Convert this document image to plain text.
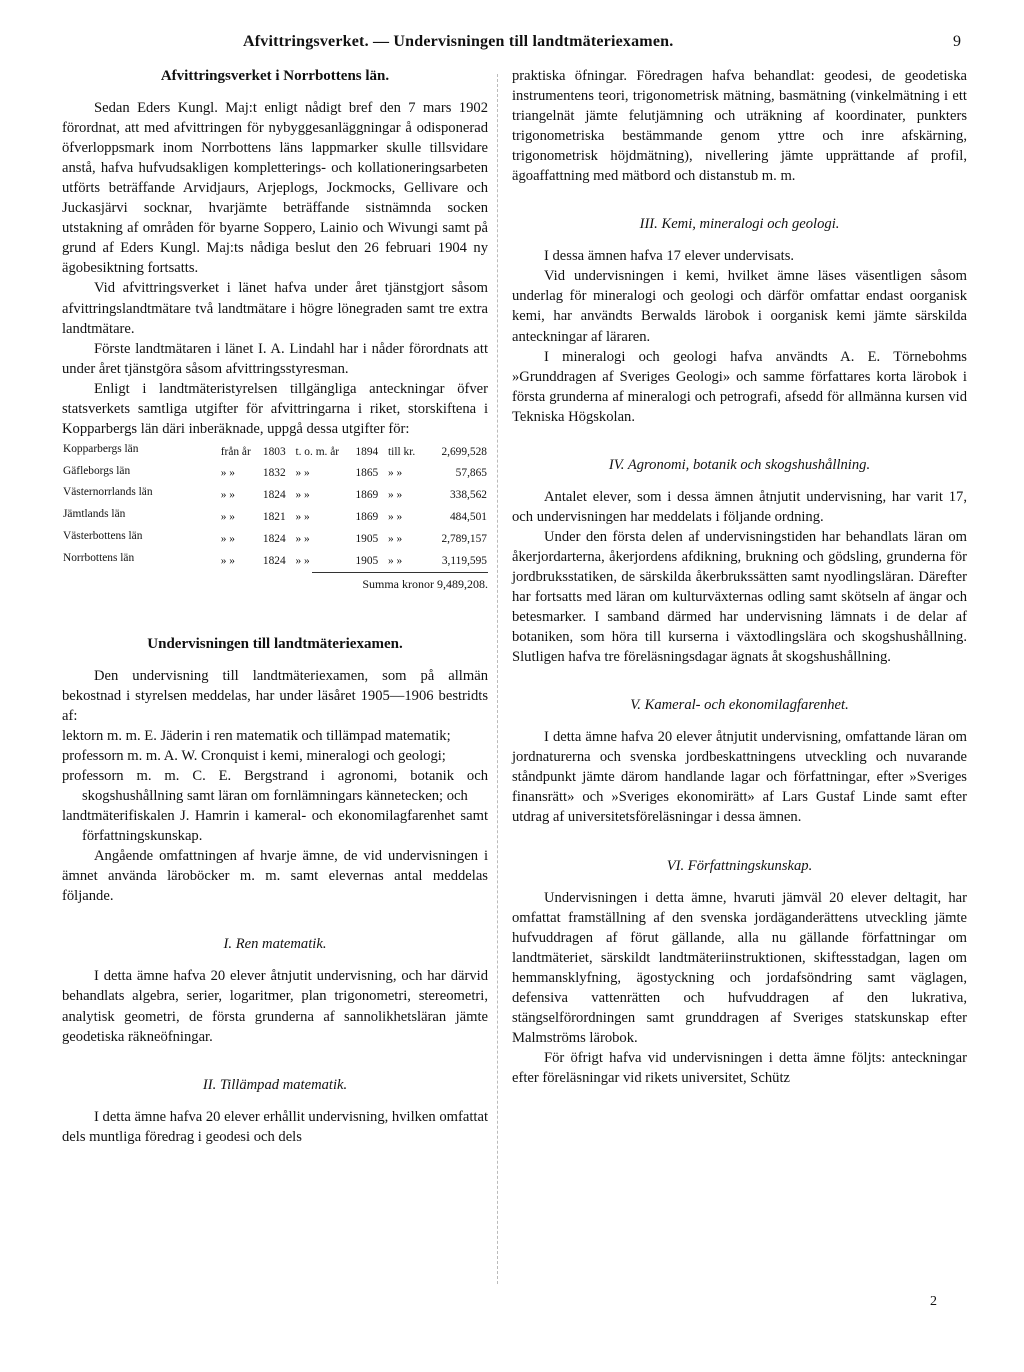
Afvittringsverket. — Undervisningen till landtmäteriexamen.	9
Afvittringsverket i Norrbottens län.

Sedan Eders Kungl. Maj:t enligt nådigt bref den 7 mars 1902 förordnat, att med afvittringen för nybyggesanläggningar å odisponerad öfverloppsmark inom Norrbottens läns lappmarker skulle tillsvidare anstå, hafva hufvudsakligen kompletterings- och kollationeringsarbeten utförts beträffande Arvidjaurs, Arjeplogs, Jockmocks, Gellivare och Juckasjärvi socknar, hvarjämte beträffande sistnämnda socken utstakning af områden för byarne Soppero, Lainio och Wivungi samt på grund af Eders Kungl. Maj:ts nådiga beslut den 26 februari 1904 ny ägobesiktning fortsatts.

Vid afvittringsverket i länet hafva under året tjänstgjort såsom afvittringslandtmätare två landtmätare i högre lönegraden samt tre extra landtmätare.

Förste landtmätaren i länet I. A. Lindahl har i nåder förordnats att under året tjänstgöra såsom afvittringsstyresman.

Enligt i landtmäteristyrelsen tillgängliga anteckningar öfver statsverkets samtliga utgifter för afvittringarna i riket, storskiftena i Kopparbergs län däri inberäknade, uppgå dessa utgifter för:

Kopparbergs län	från år	1803	t. o. m. år	1894	till kr.	2,699,528
Gäfleborgs län	» »	1832	» »	1865	» »	57,865
Västernorrlands län	» »	1824	» »	1869	» »	338,562
Jämtlands län	» »	1821	» »	1869	» »	484,501
Västerbottens län	» »	1824	» »	1905	» »	2,789,157
Norrbottens län	» »	1824	» »	1905	» »	3,119,595
Summa kronor 9,489,208.
Undervisningen till landtmäteriexamen.

Den undervisning till landtmäteriexamen, som på allmän bekostnad i styrelsen meddelas, har under läsåret 1905—1906 bestridts af:

lektorn m. m. E. Jäderin i ren matematik och tillämpad matematik;
professorn m. m. A. W. Cronquist i kemi, mineralogi och geologi;
professorn m. m. C. E. Bergstrand i agronomi, botanik och skogshushållning samt läran om fornlämningars kännetecken; och
landtmäterifiskalen J. Hamrin i kameral- och ekonomilagfarenhet samt författningskunskap.

Angående omfattningen af hvarje ämne, de vid undervisningen i ämnet använda läroböcker m. m. samt elevernas antal meddelas följande.

I. Ren matematik.

I detta ämne hafva 20 elever åtnjutit undervisning, och har därvid behandlats algebra, serier, logaritmer, plan trigonometri, stereometri, analytisk geometri, de första grunderna af sannolikhetsläran jämte geodetiska räkneöfningar.

II. Tillämpad matematik.

I detta ämne hafva 20 elever erhållit undervisning, hvilken omfattat dels muntliga föredrag i geodesi och dels

praktiska öfningar. Föredragen hafva behandlat: geodesi, de geodetiska instrumentens teori, trigonometrisk mätning, basmätning (vinkelmätning i ett triangelnät jämte felutjämning och uträkning af koordinater, punkters trigonometriska bestämmande genom yttre och inre afskärning, trigonometrisk höjdmätning), nivellering jämte upprättande af profil, ägoaffattning med mätbord och distanstub m. m.

III. Kemi, mineralogi och geologi.

I dessa ämnen hafva 17 elever undervisats.

Vid undervisningen i kemi, hvilket ämne läses väsentligen såsom underlag för mineralogi och geologi och därför omfattar endast oorganisk kemi, har användts Berwalds lärobok i oorganisk kemi jämte särskilda anteckningar af läraren.

I mineralogi och geologi hafva användts A. E. Törnebohms »Grunddragen af Sveriges Geologi» och samme författares korta lärobok i första grunderna af mineralogi och petrografi, afsedd för allmänna kursen vid Tekniska Högskolan.

IV. Agronomi, botanik och skogshushållning.

Antalet elever, som i dessa ämnen åtnjutit undervisning, har varit 17, och undervisningen har meddelats i följande ordning.

Under den första delen af undervisningstiden har behandlats läran om åkerjordarterna, åkerjordens afdikning, brukning och gödsling, grunderna för jordbruksstatiken, de särskilda åkerbrukssätten samt nyodlingsläran. Därefter har fortsatts med läran om kulturväxternas odling samt skötseln af ängar och betesmarker. I samband därmed har undervisning lämnats i de delar af botaniken, som höra till kurserna i växtodlingslära och skogshushållning. Slutligen hafva tre föreläsningsdagar ägnats åt skogshushållning.

V. Kameral- och ekonomilagfarenhet.

I detta ämne hafva 20 elever åtnjutit undervisning, omfattande läran om jordnaturerna och svenska jordbeskattningens utveckling och nuvarande ståndpunkt jämte därom handlande lagar och författningar, efter »Sveriges finansrätt» och »Sveriges ekonomirätt» af Lars Gustaf Linde samt efter utdrag af universitetsföreläsningar i dessa ämnen.

VI. Författningskunskap.

Undervisningen i detta ämne, hvaruti jämväl 20 elever deltagit, har omfattat framställning af den svenska jordäganderättens utveckling jämte hufvuddragen af förut gällande, alla nu gällande författningar om landtmäteriet, särskildt landtmäteriinstruktionen, skiftesstadgan, lagen om hemmansklyfning, ägostyckning och jordafsöndring samt väglagen, defensiva vattenrätten och hufvuddragen af den lukrativa, stängselförordningen samt grunddragen af Sveriges statskunskap efter Malmströms lärobok.

För öfrigt hafva vid undervisningen i detta ämne följts: anteckningar efter föreläsningar vid rikets universitet, Schütz

2
